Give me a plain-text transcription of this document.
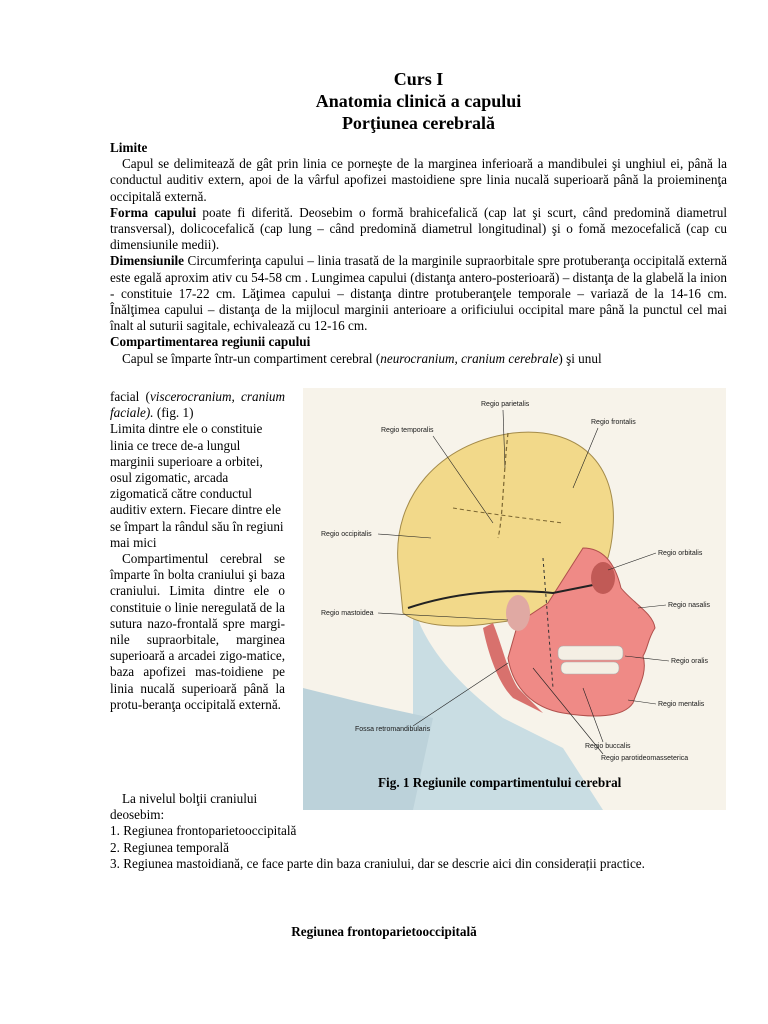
Curs I
Anatomia clinică a capului
Porţiunea cerebrală
Limite

Capul se delimitează de gât prin linia ce porneşte de la marginea inferioară a mandibulei şi unghiul ei, până la conductul auditiv extern, apoi de la vârful apofizei mastoidiene spre linia nucală superioară până la proieminenţa occipitală externă.

Forma capului poate fi diferită. Deosebim o formă brahicefalică (cap lat şi scurt, când predomină diametrul transversal), dolicocefalică (cap lung – când predomină diametrul longitudinal) şi o fomă mezocefalică (cap cu dimensiunile medii).

Dimensiunile Circumferinţa capului – linia trasată de la marginile supraorbitale spre protuberanţa occipitală externă este egală aproxim ativ cu 54-58 cm . Lungimea capului (distanţa antero-posterioară) – distanţa de la glabelă la inion - constituie 17-22 cm. Lăţimea capului – distanţa dintre protuberanţele temporale – variază de la 14-16 cm. Înălţimea capului – distanţa de la mijlocul marginii anterioare a orificiului occipital mare până la punctul cel mai înalt al suturii sagitale, echivalează cu 12-16 cm.

Compartimentarea regiunii capului

Capul se împarte într-un compartiment cerebral (neurocranium, cranium cerebrale) şi unul

facial (viscerocranium, cranium faciale). (fig. 1)

Limita dintre ele o constituie linia ce trece de-a lungul marginii superioare a orbitei, osul zigomatic, arcada zigomatică către conductul auditiv extern. Fiecare dintre ele se împart la rândul său în regiuni mai mici

Compartimentul cerebral se împarte în bolta craniului şi baza craniului. Limita dintre ele o constituie o linie neregulată de la sutura nazo-frontală spre margi-nile supraorbitale, marginea superioară a arcadei zigo-matice, baza apofizei mas-toidiene pe linia nucală superioară până la protu-beranţa occipitală externă.

Regio parietalis
Regio temporalis
Regio frontalis
Regio occipitalis
Regio orbitalis
Regio nasalis
Regio mastoidea
Regio oralis
Regio mentalis
Fossa retromandibularis
Regio buccalis
Regio parotideomasseterica
Fig. 1 Regiunile compartimentului cerebral

La nivelul bolţii craniului deosebim:

1. Regiunea frontoparietooccipitală

2. Regiunea temporală

3. Regiunea mastoidiană, ce face parte din baza craniului, dar se descrie aici din considerații practice.

Regiunea frontoparietooccipitală
